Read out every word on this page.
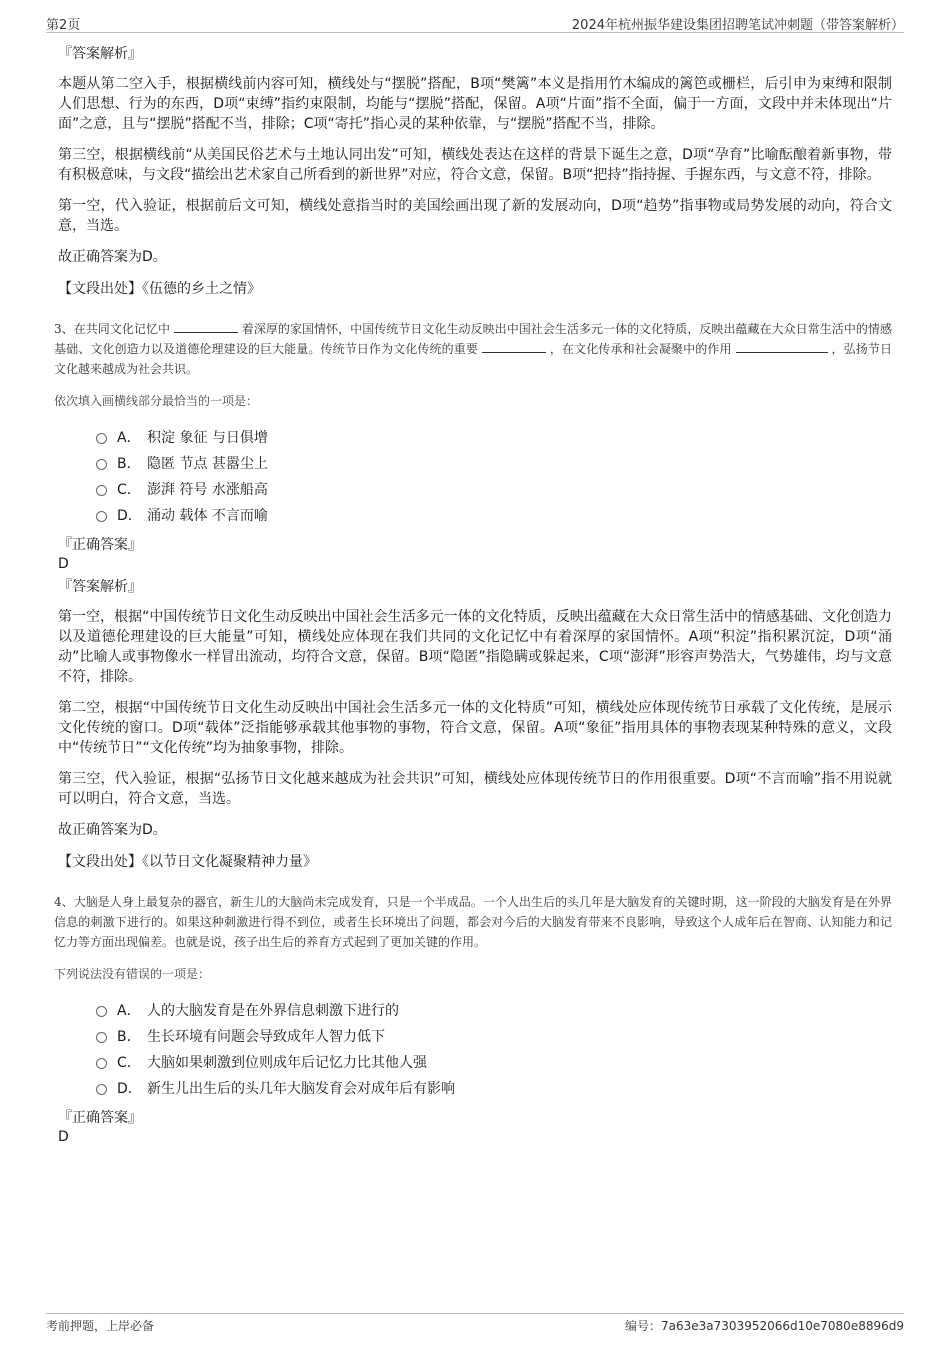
第2页	2024年杭州振华建设集团招聘笔试冲刺题（带答案解析）
『答案解析』

本题从第二空入手，根据横线前内容可知，横线处与“摆脱”搭配，B项“樊篱”本义是指用竹木编成的篱笆或栅栏，后引申为束缚和限制人们思想、行为的东西，D项“束缚”指约束限制，均能与“摆脱”搭配，保留。A项“片面”指不全面，偏于一方面，文段中并未体现出“片面”之意，且与“摆脱”搭配不当，排除；C项“寄托”指心灵的某种依靠，与“摆脱”搭配不当，排除。

第三空，根据横线前“从美国民俗艺术与土地认同出发”可知，横线处表达在这样的背景下诞生之意，D项“孕育”比喻酝酿着新事物，带有积极意味，与文段“描绘出艺术家自己所看到的新世界”对应，符合文意，保留。B项“把持”指持握、手握东西，与文意不符，排除。

第一空，代入验证，根据前后文可知，横线处意指当时的美国绘画出现了新的发展动向，D项“趋势”指事物或局势发展的动向，符合文意，当选。

故正确答案为D。

【文段出处】《伍德的乡土之情》

3、在共同文化记忆中	着深厚的家国情怀，中国传统节日文化生动反映出中国社会生活多元一体的文化特质，反映出蕴藏在大众日常生活中的情感基础、文化创造力以及道德伦理建设的巨大能量。传统节日作为文化传统的重要	，在文化传承和社会凝聚中的作用	，弘扬节日文化越来越成为社会共识。

依次填入画横线部分最恰当的一项是：
A． 积淀 象征 与日俱增
B． 隐匿 节点 甚嚣尘上
C． 澎湃 符号 水涨船高
D． 涌动 载体 不言而喻
『正确答案』
D
『答案解析』

第一空，根据“中国传统节日文化生动反映出中国社会生活多元一体的文化特质，反映出蕴藏在大众日常生活中的情感基础、文化创造力以及道德伦理建设的巨大能量”可知，横线处应体现在我们共同的文化记忆中有着深厚的家国情怀。A项“积淀”指积累沉淀，D项“涌动”比喻人或事物像水一样冒出流动，均符合文意，保留。B项“隐匿”指隐瞒或躲起来，C项“澎湃”形容声势浩大，气势雄伟，均与文意不符，排除。

第二空，根据“中国传统节日文化生动反映出中国社会生活多元一体的文化特质”可知，横线处应体现传统节日承载了文化传统，是展示文化传统的窗口。D项“载体”泛指能够承载其他事物的事物，符合文意，保留。A项“象征”指用具体的事物表现某种特殊的意义，文段中“传统节日”“文化传统”均为抽象事物，排除。

第三空，代入验证，根据“弘扬节日文化越来越成为社会共识”可知，横线处应体现传统节日的作用很重要。D项“不言而喻”指不用说就可以明白，符合文意，当选。

故正确答案为D。

【文段出处】《以节日文化凝聚精神力量》

4、大脑是人身上最复杂的器官，新生儿的大脑尚未完成发育，只是一个半成品。一个人出生后的头几年是大脑发育的关键时期，这一阶段的大脑发育是在外界信息的刺激下进行的。如果这种刺激进行得不到位，或者生长环境出了问题，都会对今后的大脑发育带来不良影响，导致这个人成年后在智商、认知能力和记忆力等方面出现偏差。也就是说，孩子出生后的养育方式起到了更加关键的作用。

下列说法没有错误的一项是：
A． 人的大脑发育是在外界信息刺激下进行的
B． 生长环境有问题会导致成年人智力低下
C． 大脑如果刺激到位则成年后记忆力比其他人强
D． 新生儿出生后的头几年大脑发育会对成年后有影响
『正确答案』
D
考前押题，上岸必备	编号：7a63e3a7303952066d10e7080e8896d9
